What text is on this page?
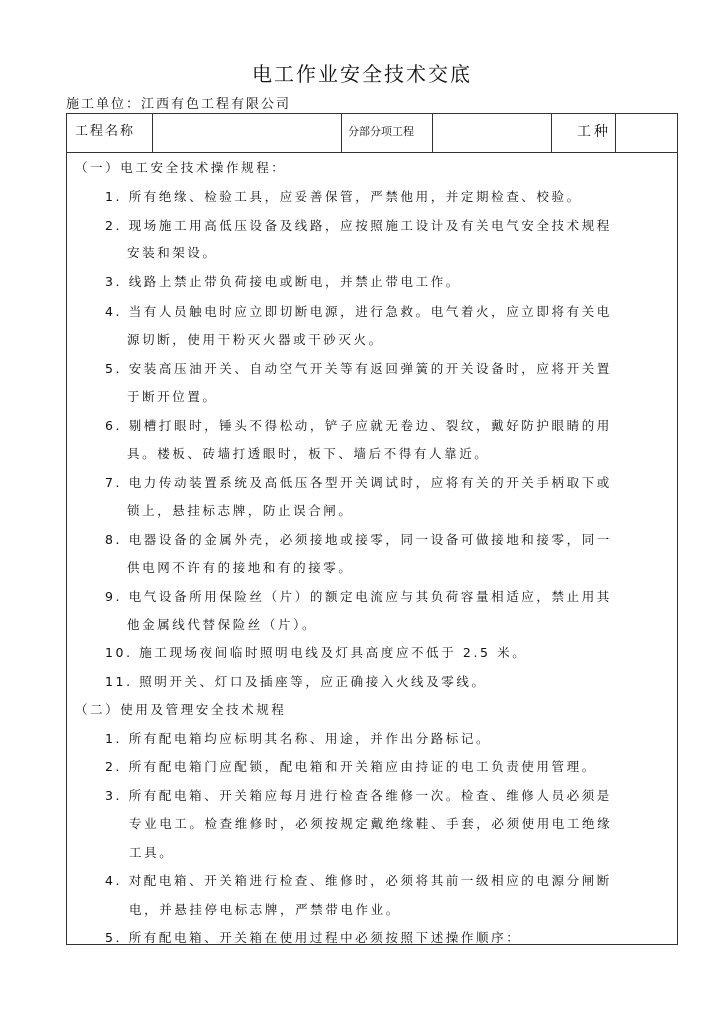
电工作业安全技术交底
施工单位：江西有色工程有限公司
工程名称	分部分项工程	工种
（一）电工安全技术操作规程：
1. 所有绝缘、检验工具，应妥善保管，严禁他用，并定期检查、校验。
2. 现场施工用高低压设备及线路，应按照施工设计及有关电气安全技术规程
安装和架设。
3. 线路上禁止带负荷接电或断电，并禁止带电工作。
4. 当有人员触电时应立即切断电源，进行急救。电气着火，应立即将有关电
源切断，使用干粉灭火器或干砂灭火。
5. 安装高压油开关、自动空气开关等有返回弹簧的开关设备时，应将开关置
于断开位置。
6. 剔槽打眼时，锤头不得松动，铲子应就无卷边、裂纹，戴好防护眼睛的用
具。楼板、砖墙打透眼时，板下、墙后不得有人靠近。
7. 电力传动装置系统及高低压各型开关调试时，应将有关的开关手柄取下或
锁上，悬挂标志牌，防止误合闸。
8. 电器设备的金属外壳，必须接地或接零，同一设备可做接地和接零，同一
供电网不许有的接地和有的接零。
9. 电气设备所用保险丝（片）的额定电流应与其负荷容量相适应，禁止用其
他金属线代替保险丝（片）。
10. 施工现场夜间临时照明电线及灯具高度应不低于 2.5 米。
11. 照明开关、灯口及插座等，应正确接入火线及零线。
（二）使用及管理安全技术规程
1. 所有配电箱均应标明其名称、用途，并作出分路标记。
2. 所有配电箱门应配锁，配电箱和开关箱应由持证的电工负责使用管理。
3. 所有配电箱、开关箱应每月进行检查各维修一次。检查、维修人员必须是
专业电工。检查维修时，必须按规定戴绝缘鞋、手套，必须使用电工绝缘
工具。
4. 对配电箱、开关箱进行检查、维修时，必须将其前一级相应的电源分闸断
电，并悬挂停电标志牌，严禁带电作业。
5. 所有配电箱、开关箱在使用过程中必须按照下述操作顺序：
